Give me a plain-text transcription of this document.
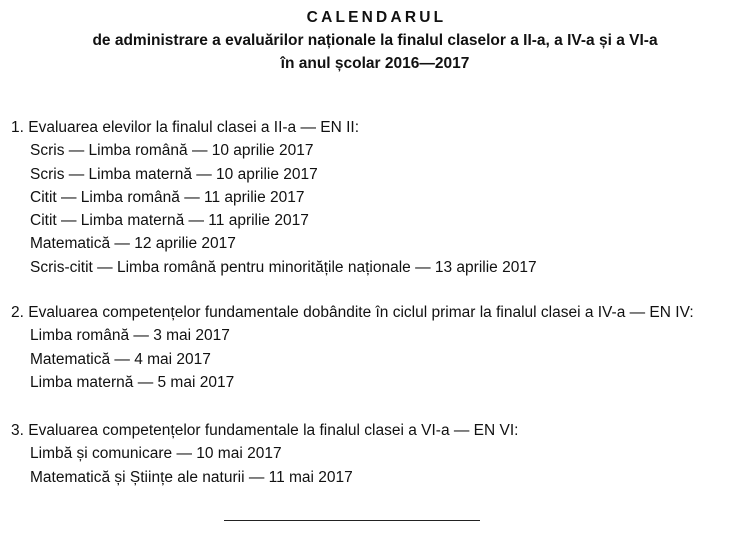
CALENDARUL
de administrare a evaluărilor naționale la finalul claselor a II-a, a IV-a și a VI-a
în anul școlar 2016—2017
1. Evaluarea elevilor la finalul clasei a II-a — EN II:
Scris — Limba română — 10 aprilie 2017
Scris — Limba maternă — 10 aprilie 2017
Citit — Limba română — 11 aprilie 2017
Citit — Limba maternă — 11 aprilie 2017
Matematică — 12 aprilie 2017
Scris-citit — Limba română pentru minoritățile naționale — 13 aprilie 2017
2. Evaluarea competențelor fundamentale dobândite în ciclul primar la finalul clasei a IV-a — EN IV:
Limba română — 3 mai 2017
Matematică — 4 mai 2017
Limba maternă — 5 mai 2017
3. Evaluarea competențelor fundamentale la finalul clasei a VI-a — EN VI:
Limbă și comunicare — 10 mai 2017
Matematică și Științe ale naturii — 11 mai 2017
